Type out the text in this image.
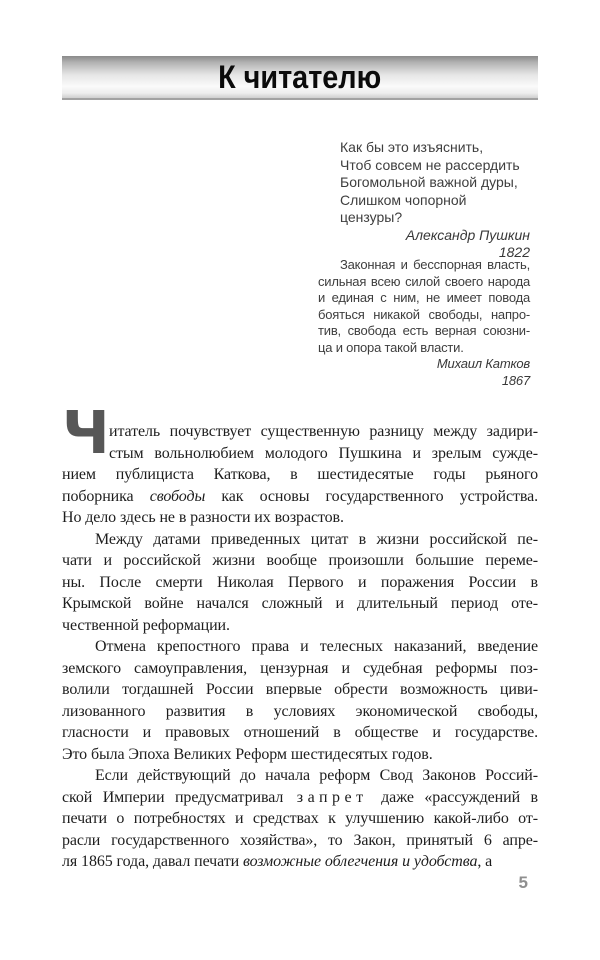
К читателю
Как бы это изъяснить,
Чтоб совсем не рассердить
Богомольной важной дуры,
Слишком чопорной цензуры?
Александр Пушкин
1822
Законная и бесспорная власть,
сильная всею силой своего народа
и единая с ним, не имеет повода
бояться никакой свободы, напро-
тив, свобода есть верная союзни-
ца и опора такой власти.
Михаил Катков
1867
Ч итатель почувствует существенную разницу между задири-
стым вольнолюбием молодого Пушкина и зрелым сужде-
нием публициста Каткова, в шестидесятые годы рьяного
поборника свободы как основы государственного устройства.
Но дело здесь не в разности их возрастов.
Между датами приведенных цитат в жизни российской пе-
чати и российской жизни вообще произошли большие переме-
ны. После смерти Николая Первого и поражения России в
Крымской войне начался сложный и длительный период оте-
чественной реформации.
Отмена крепостного права и телесных наказаний, введение
земского самоуправления, цензурная и судебная реформы поз-
волили тогдашней России впервые обрести возможность циви-
лизованного развития в условиях экономической свободы,
гласности и правовых отношений в обществе и государстве.
Это была Эпоха Великих Реформ шестидесятых годов.
Если действующий до начала реформ Свод Законов Россий-
ской Империи предусматривал запрет даже «рассуждений в
печати о потребностях и средствах к улучшению какой-либо от-
расли государственного хозяйства», то Закон, принятый 6 апре-
ля 1865 года, давал печати возможные облегчения и удобства, а
5
